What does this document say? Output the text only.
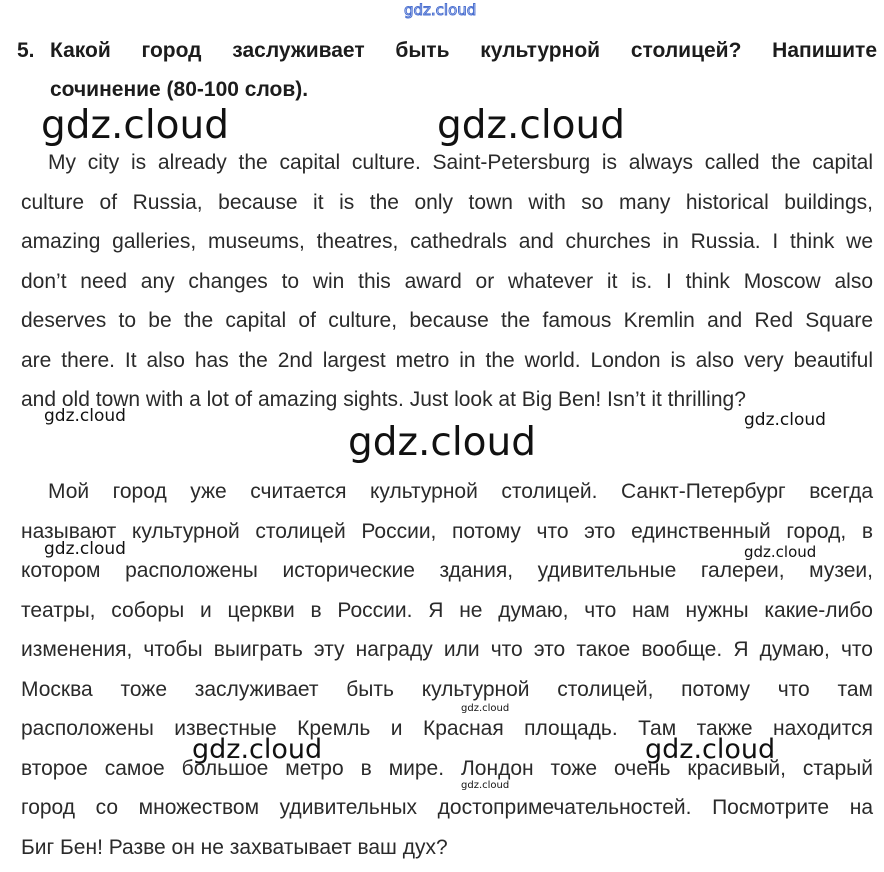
gdz.cloud
5. Какой город заслуживает быть культурной столицей? Напишите
сочинение (80-100 слов).
My city is already the capital culture. Saint-Petersburg is always called the capital
culture of Russia, because it is the only town with so many historical buildings,
amazing galleries, museums, theatres, cathedrals and churches in Russia. I think we
don’t need any changes to win this award or whatever it is. I think Moscow also
deserves to be the capital of culture, because the famous Kremlin and Red Square
are there. It also has the 2nd largest metro in the world. London is also very beautiful
and old town with a lot of amazing sights. Just look at Big Ben! Isn’t it thrilling?
Мой город уже считается культурной столицей. Санкт-Петербург всегда
называют культурной столицей России, потому что это единственный город, в
котором расположены исторические здания, удивительные галереи, музеи,
театры, соборы и церкви в России. Я не думаю, что нам нужны какие-либо
изменения, чтобы выиграть эту награду или что это такое вообще. Я думаю, что
Москва тоже заслуживает быть культурной столицей, потому что там
расположены известные Кремль и Красная площадь. Там также находится
второе самое большое метро в мире. Лондон тоже очень красивый, старый
город со множеством удивительных достопримечательностей. Посмотрите на
Биг Бен! Разве он не захватывает ваш дух?
gdz.cloud	gdz.cloud
gdz.cloud	gdz.cloud
gdz.cloud
gdz.cloud	gdz.cloud
gdz.cloud
gdz.cloud	gdz.cloud
gdz.cloud
